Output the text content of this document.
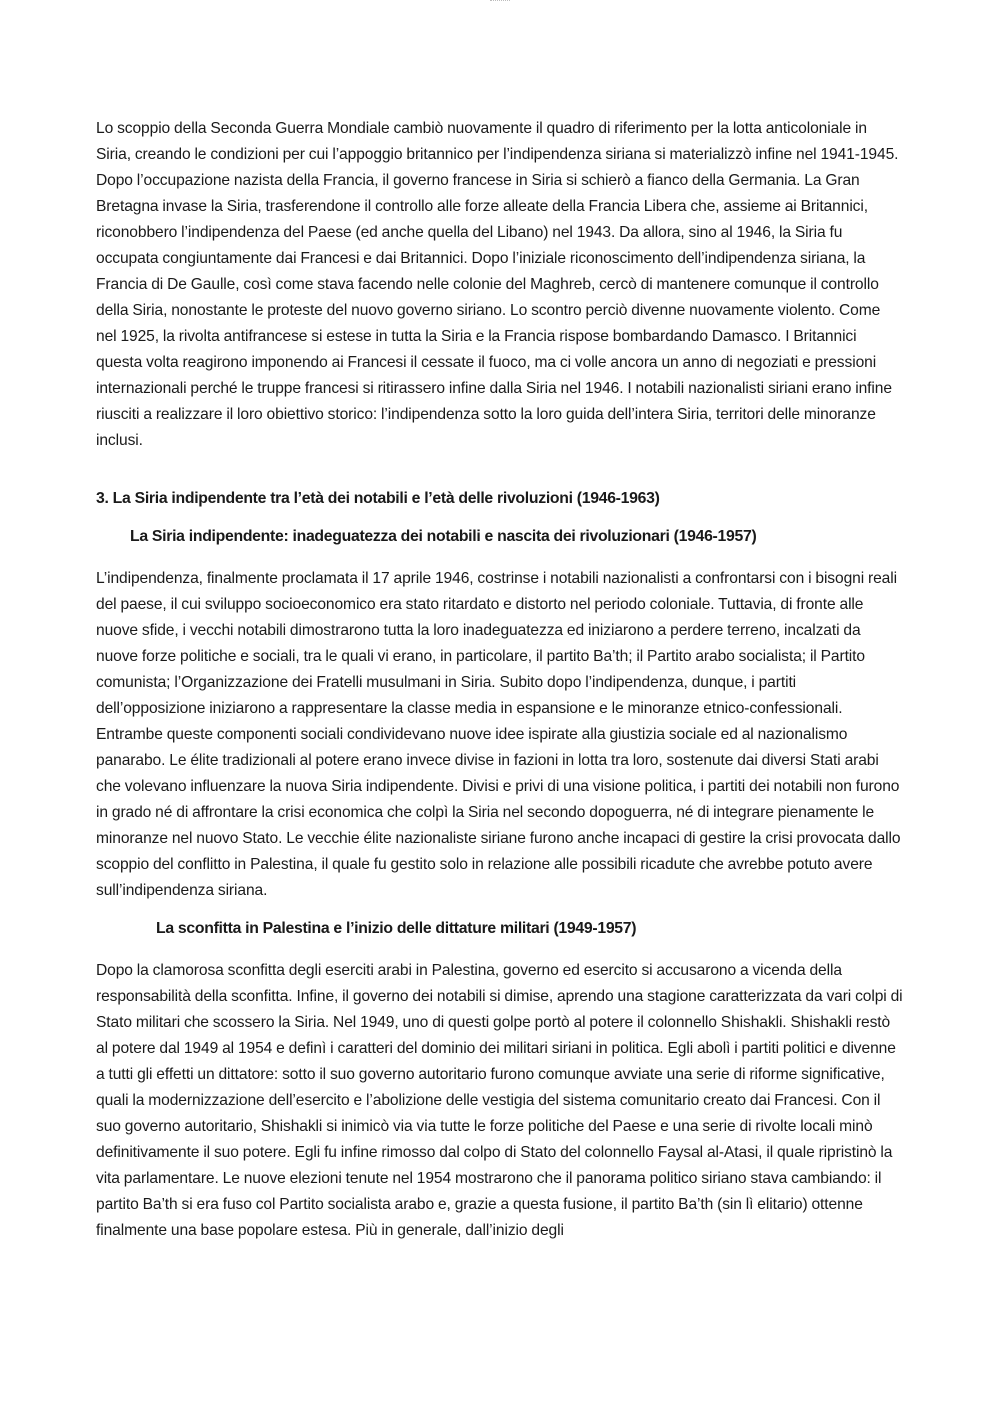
Lo scoppio della Seconda Guerra Mondiale cambiò nuovamente il quadro di riferimento per la lotta anticoloniale in Siria, creando le condizioni per cui l’appoggio britannico per l’indipendenza siriana si materializzò infine nel 1941-1945. Dopo l’occupazione nazista della Francia, il governo francese in Siria si schierò a fianco della Germania. La Gran Bretagna invase la Siria, trasferendone il controllo alle forze alleate della Francia Libera che, assieme ai Britannici, riconobbero l’indipendenza del Paese (ed anche quella del Libano) nel 1943. Da allora, sino al 1946, la Siria fu occupata congiuntamente dai Francesi e dai Britannici. Dopo l’iniziale riconoscimento dell’indipendenza siriana, la Francia di De Gaulle, così come stava facendo nelle colonie del Maghreb, cercò di mantenere comunque il controllo della Siria, nonostante le proteste del nuovo governo siriano. Lo scontro perciò divenne nuovamente violento. Come nel 1925, la rivolta antifrancese si estese in tutta la Siria e la Francia rispose bombardando Damasco. I Britannici questa volta reagirono imponendo ai Francesi il cessate il fuoco, ma ci volle ancora un anno di negoziati e pressioni internazionali perché le truppe francesi si ritirassero infine dalla Siria nel 1946. I notabili nazionalisti siriani erano infine riusciti a realizzare il loro obiettivo storico: l’indipendenza sotto la loro guida dell’intera Siria, territori delle minoranze inclusi.

3. La Siria indipendente tra l’età dei notabili e l’età delle rivoluzioni (1946-1963)
La Siria indipendente: inadeguatezza dei notabili e nascita dei rivoluzionari (1946-1957)

L’indipendenza, finalmente proclamata il 17 aprile 1946, costrinse i notabili nazionalisti a confrontarsi con i bisogni reali del paese, il cui sviluppo socioeconomico era stato ritardato e distorto nel periodo coloniale. Tuttavia, di fronte alle nuove sfide, i vecchi notabili dimostrarono tutta la loro inadeguatezza ed iniziarono a perdere terreno, incalzati da nuove forze politiche e sociali, tra le quali vi erano, in particolare, il partito Ba’th; il Partito arabo socialista; il Partito comunista; l’Organizzazione dei Fratelli musulmani in Siria. Subito dopo l’indipendenza, dunque, i partiti dell’opposizione iniziarono a rappresentare la classe media in espansione e le minoranze etnico-confessionali. Entrambe queste componenti sociali condividevano nuove idee ispirate alla giustizia sociale ed al nazionalismo panarabo. Le élite tradizionali al potere erano invece divise in fazioni in lotta tra loro, sostenute dai diversi Stati arabi che volevano influenzare la nuova Siria indipendente. Divisi e privi di una visione politica, i partiti dei notabili non furono in grado né di affrontare la crisi economica che colpì la Siria nel secondo dopoguerra, né di integrare pienamente le minoranze nel nuovo Stato. Le vecchie élite nazionaliste siriane furono anche incapaci di gestire la crisi provocata dallo scoppio del conflitto in Palestina, il quale fu gestito solo in relazione alle possibili ricadute che avrebbe potuto avere sull’indipendenza siriana.

La sconfitta in Palestina e l’inizio delle dittature militari (1949-1957)

Dopo la clamorosa sconfitta degli eserciti arabi in Palestina, governo ed esercito si accusarono a vicenda della responsabilità della sconfitta. Infine, il governo dei notabili si dimise, aprendo una stagione caratterizzata da vari colpi di Stato militari che scossero la Siria. Nel 1949, uno di questi golpe portò al potere il colonnello Shishakli. Shishakli restò al potere dal 1949 al 1954 e definì i caratteri del dominio dei militari siriani in politica. Egli abolì i partiti politici e divenne a tutti gli effetti un dittatore: sotto il suo governo autoritario furono comunque avviate una serie di riforme significative, quali la modernizzazione dell’esercito e l’abolizione delle vestigia del sistema comunitario creato dai Francesi. Con il suo governo autoritario, Shishakli si inimicò via via tutte le forze politiche del Paese e una serie di rivolte locali minò definitivamente il suo potere. Egli fu infine rimosso dal colpo di Stato del colonnello Faysal al-Atasi, il quale ripristinò la vita parlamentare. Le nuove elezioni tenute nel 1954 mostrarono che il panorama politico siriano stava cambiando: il partito Ba’th si era fuso col Partito socialista arabo e, grazie a questa fusione, il partito Ba’th (sin lì elitario) ottenne finalmente una base popolare estesa. Più in generale, dall’inizio degli
